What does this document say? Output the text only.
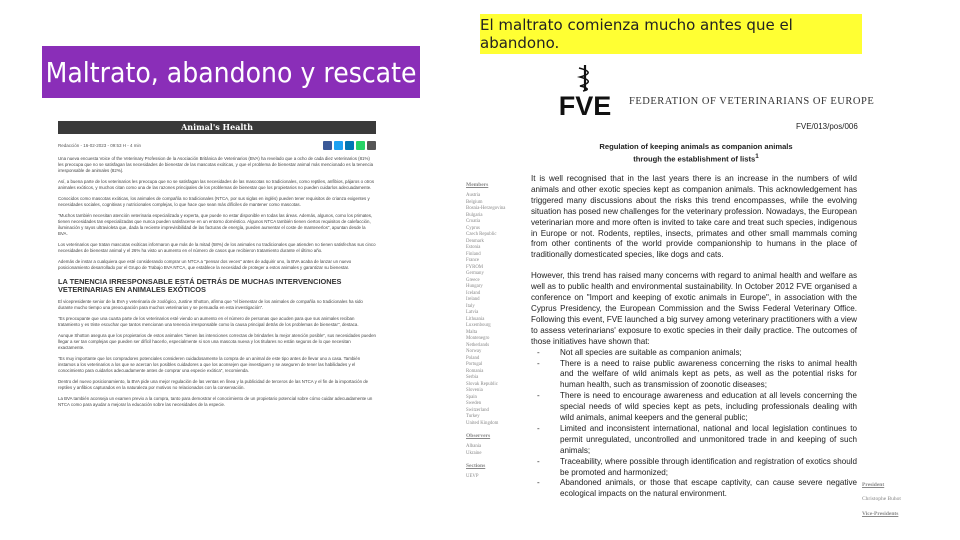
El maltrato comienza mucho antes que el abandono.
Maltrato, abandono y rescate
Animal's Health
Redacción - 16-02-2023 - 09:53 H - 4 min
Una nueva encuesta Voice of the Veterinary Profession de la Asociación Británica de Veterinarios (BVA) ha revelado que a ocho de cada diez veterinarios (81%) les preocupa que no se satisfagan las necesidades de bienestar de las mascotas exóticas, y que el problema de bienestar animal más mencionado es la tenencia irresponsable de animales (82%).
Así, a buena parte de los veterinarios les preocupa que no se satisfagan las necesidades de las mascotas no tradicionales, como reptiles, anfibios, pájaros o otros animales exóticos, y muchos citan como una de las razones principales de los problemas de bienestar que los propietarios no pueden cuidarlos adecuadamente.
Conocidos como mascotas exóticas, los animales de compañía no tradicionales (NTCA, por sus siglas en inglés) pueden tener requisitos de crianza exigentes y necesidades sociales, cognitivas y nutricionales complejas, lo que hace que sean más difíciles de mantener como mascotas.
"Muchos también necesitan atención veterinaria especializada y experta, que puede no estar disponible en todas las áreas. Además, algunos, como los primates, tienen necesidades tan especializadas que nunca pueden satisfacerse en un entorno doméstico. Algunos NTCA también tienen ciertos requisitos de calefacción, iluminación y rayos ultravioleta que, dada la reciente imprevisibilidad de las facturas de energía, pueden aumentar el coste de mantenerlos", apuntan desde la BVA.
Los veterinarios que tratan mascotas exóticas informaron que más de la mitad (58%) de los animales no tradicionales que atienden no tienen satisfechas sus cinco necesidades de bienestar animal y el 26% ha visto un aumento en el número de casos que recibieron tratamiento durante el último año.
Además de instar a cualquiera que esté considerando comprar un NTCA a "pensar dos veces" antes de adquirir uno, la BVA acaba de lanzar un nuevo posicionamiento desarrollado por el Grupo de Trabajo BVA NTCA, que establece la necesidad de proteger a estos animales y garantizar su bienestar.
LA TENENCIA IRRESPONSABLE ESTÁ DETRÁS DE MUCHAS INTERVENCIONES VETERINARIAS EN ANIMALES EXÓTICOS
El vicepresidente senior de la BVA y veterinaria de zoológico, Justine Shotton, afirma que "el bienestar de los animales de compañía no tradicionales ha sido durante mucho tiempo una preocupación para muchos veterinarios y se persuadía en esta investigación".
"Es preocupante que una cuarta parte de los veterinarios esté viendo un aumento en el número de personas que acuden para que sus animales reciban tratamiento y es triste escuchar que tantos mencionan una tenencia irresponsable como la causa principal detrás de los problemas de bienestar", destaca.
Aunque Shotton asegura que los propietarios de estos animales "tienen las intenciones correctas de brindarles la mejor atención posible", sus necesidades pueden llegar a ser tan complejas que pueden ser difícil hacerlo, especialmente si son una mascota nueva y los titulares no están seguros de lo que necesitan exactamente.
"Es muy importante que los compradores potenciales consideren cuidadosamente la compra de un animal de este tipo antes de llevar uno a casa. También instamos a los veterinarios a los que se acercan los posibles cuidadores a que los aconsejen que investiguen y se aseguren de tener las habilidades y el conocimiento para cuidarlos adecuadamente antes de comprar una especie exótica", recomienda.
Dentro del nuevo posicionamiento, la BVA pide una mejor regulación de las ventas en línea y la publicidad de terceros de las NTCA y el fin de la importación de reptiles y anfibios capturados en la naturaleza por motivos no relacionados con la conservación.
La BVA también aconseja un examen previo a la compra, tanto para demostrar el conocimiento de un propietario potencial sobre cómo cuidar adecuadamente un NTCA como para ayudar a mejorar la educación sobre las necesidades de la especie.
FVE FEDERATION OF VETERINARIANS OF EUROPE
FVE/013/pos/006
Regulation of keeping animals as companion animals
through the establishment of lists$^1$
Members
Austria
Belgium
Bosnia-Herzegovina
Bulgaria
Croatia
Cyprus
Czech Republic
Denmark
Estonia
Finland
France
FYROM
Germany
Greece
Hungary
Iceland
Ireland
Italy
Latvia
Lithuania
Luxembourg
Malta
Montenegro
Netherlands
Norway
Poland
Portugal
Romania
Serbia
Slovak Republic
Slovenia
Spain
Sweden
Switzerland
Turkey
United Kingdom
Observers
Albania
Ukraine
Sections
UEVP

It is well recognised that in the last years there is an increase in the numbers of wild animals and other exotic species kept as companion animals. This acknowledgement has triggered many discussions about the risks this trend encompasses, while the evolving situation has posed new challenges for the veterinary profession. Nowadays, the European veterinarian more and more often is invited to take care and treat such species, indigenous in Europe or not. Rodents, reptiles, insects, primates and other small mammals coming from other continents of the world provide companionship to humans in the place of traditionally domesticated species, like dogs and cats.

However, this trend has raised many concerns with regard to animal health and welfare as well as to public health and environmental sustainability. In October 2012 FVE organised a conference on "Import and keeping of exotic animals in Europe", in association with the Cyprus Presidency, the European Commission and the Swiss Federal Veterinary Office. Following this event, FVE launched a big survey among veterinary practitioners with a view to assess veterinarians' exposure to exotic species in their daily practice. The outcomes of those initiatives have shown that:

- Not all species are suitable as companion animals;
- There is a need to raise public awareness concerning the risks to animal health and the welfare of wild animals kept as pets, as well as the potential risks for human health, such as transmission of zoonotic diseases;
- There is need to encourage awareness and education at all levels concerning the special needs of wild species kept as pets, including professionals dealing with wild animals, animal keepers and the general public;
- Limited and inconsistent international, national and local legislation continues to permit unregulated, uncontrolled and unmonitored trade in and keeping of such animals;
- Traceability, where possible through identification and registration of exotics should be promoted and harmonized;
- Abandoned animals, or those that escape captivity, can cause severe negative ecological impacts on the natural environment.
President
Christophe Buhot
Vice-Presidents
